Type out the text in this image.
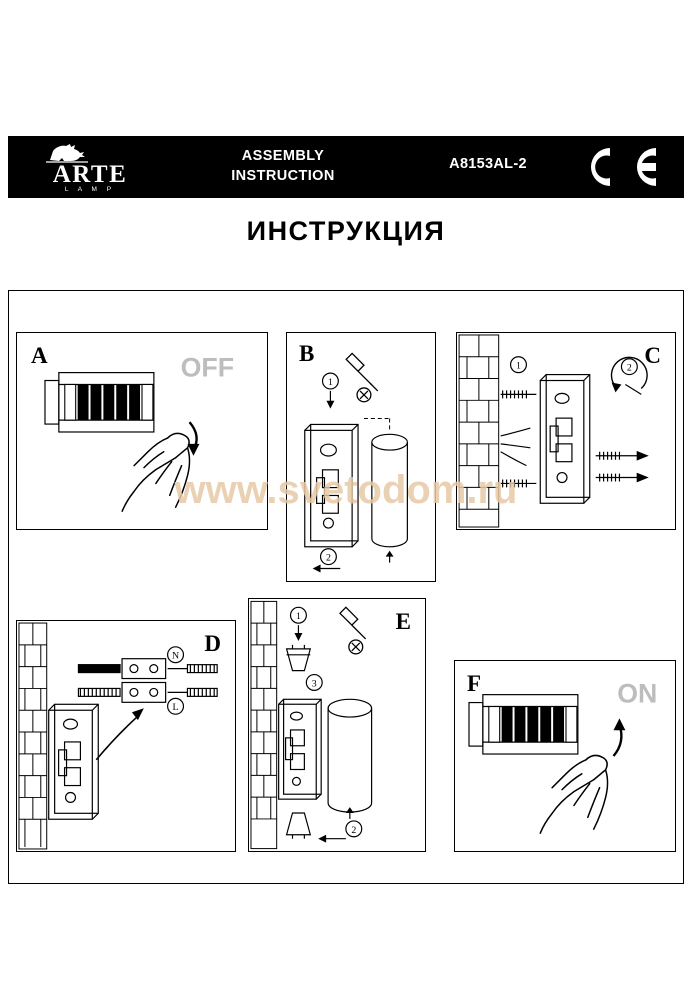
ARTE
L A M P
ASSEMBLY
INSTRUCTION
A8153AL-2
ИНСТРУКЦИЯ
OFF
A
1
2
B
1	2
C
N
L
D
1
3
2
E
ON
F
www.svetodom.ru
